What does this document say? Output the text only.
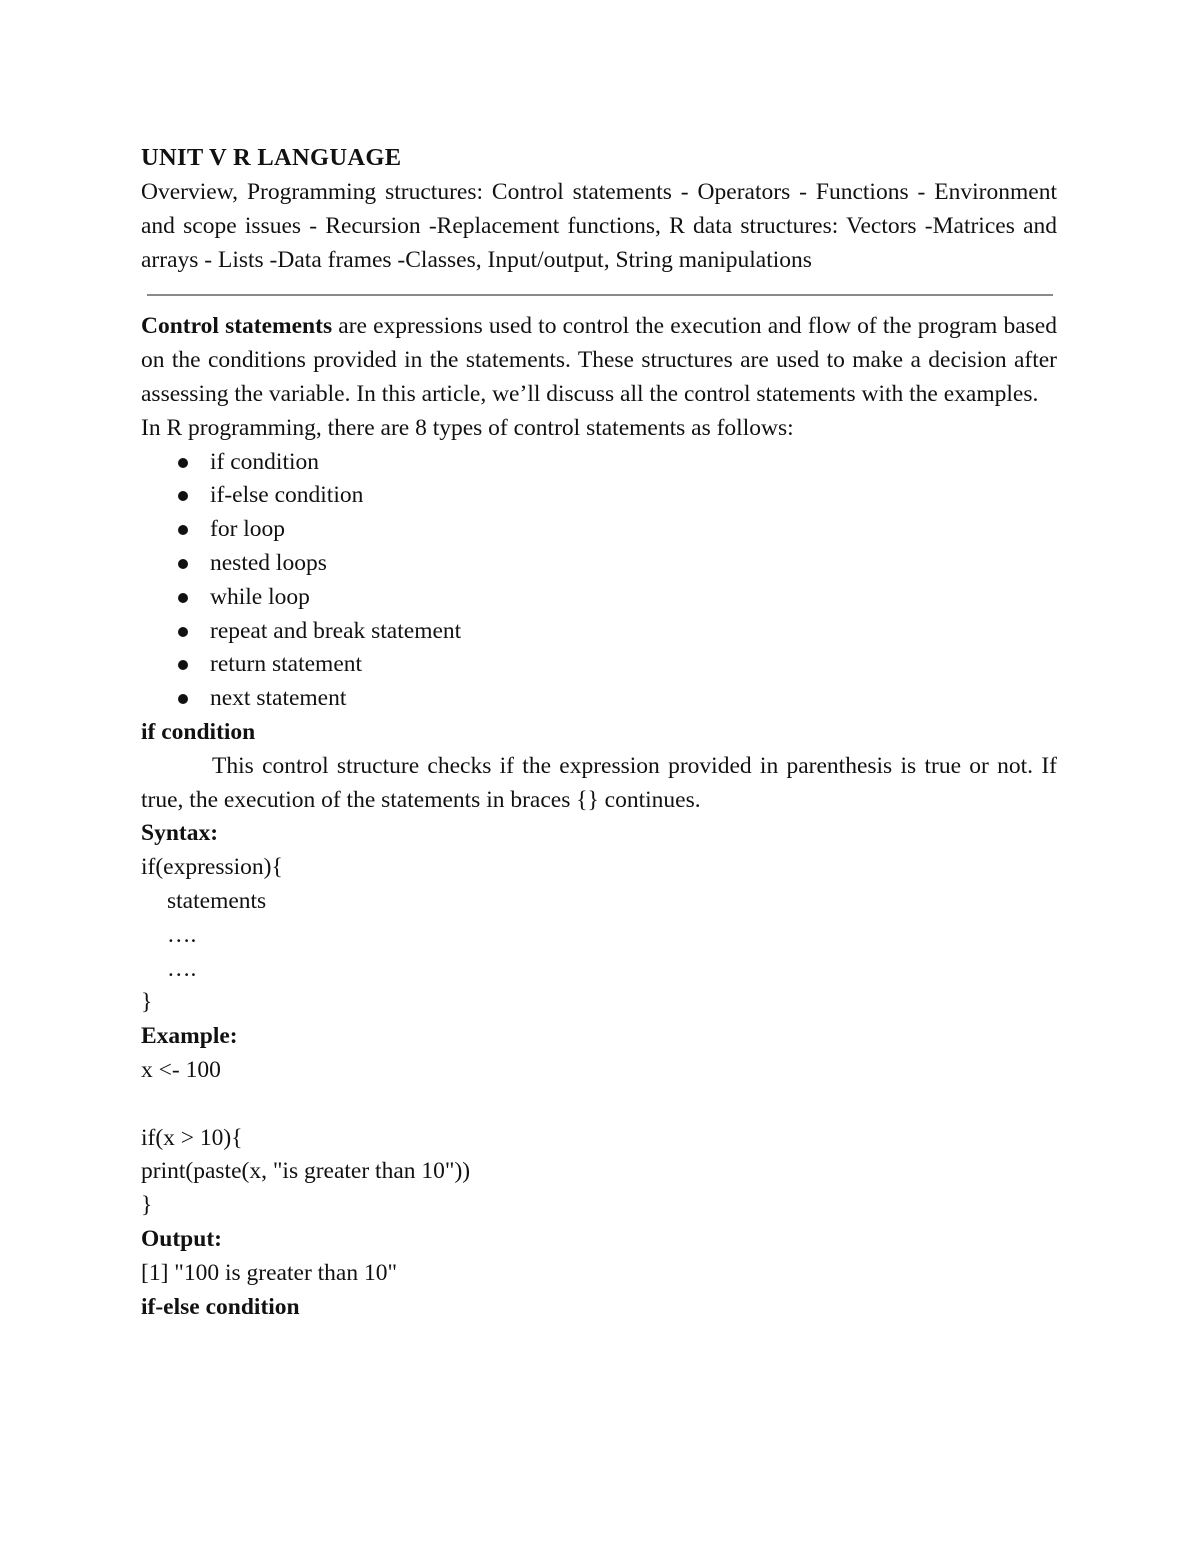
UNIT V R LANGUAGE

Overview, Programming structures: Control statements - Operators - Functions - Environment and scope issues - Recursion -Replacement functions, R data structures: Vectors -Matrices and arrays - Lists -Data frames -Classes, Input/output, String manipulations

Control statements are expressions used to control the execution and flow of the program based on the conditions provided in the statements. These structures are used to make a decision after assessing the variable. In this article, we’ll discuss all the control statements with the examples.

In R programming, there are 8 types of control statements as follows:

if condition
if-else condition
for loop
nested loops
while loop
repeat and break statement
return statement
next statement

if condition

This control structure checks if the expression provided in parenthesis is true or not. If true, the execution of the statements in braces {} continues.

Syntax:

if(expression){

statements

….

….

}

Example:

x <- 100

if(x > 10){

print(paste(x, "is greater than 10"))

}

Output:

[1] "100 is greater than 10"

if-else condition
